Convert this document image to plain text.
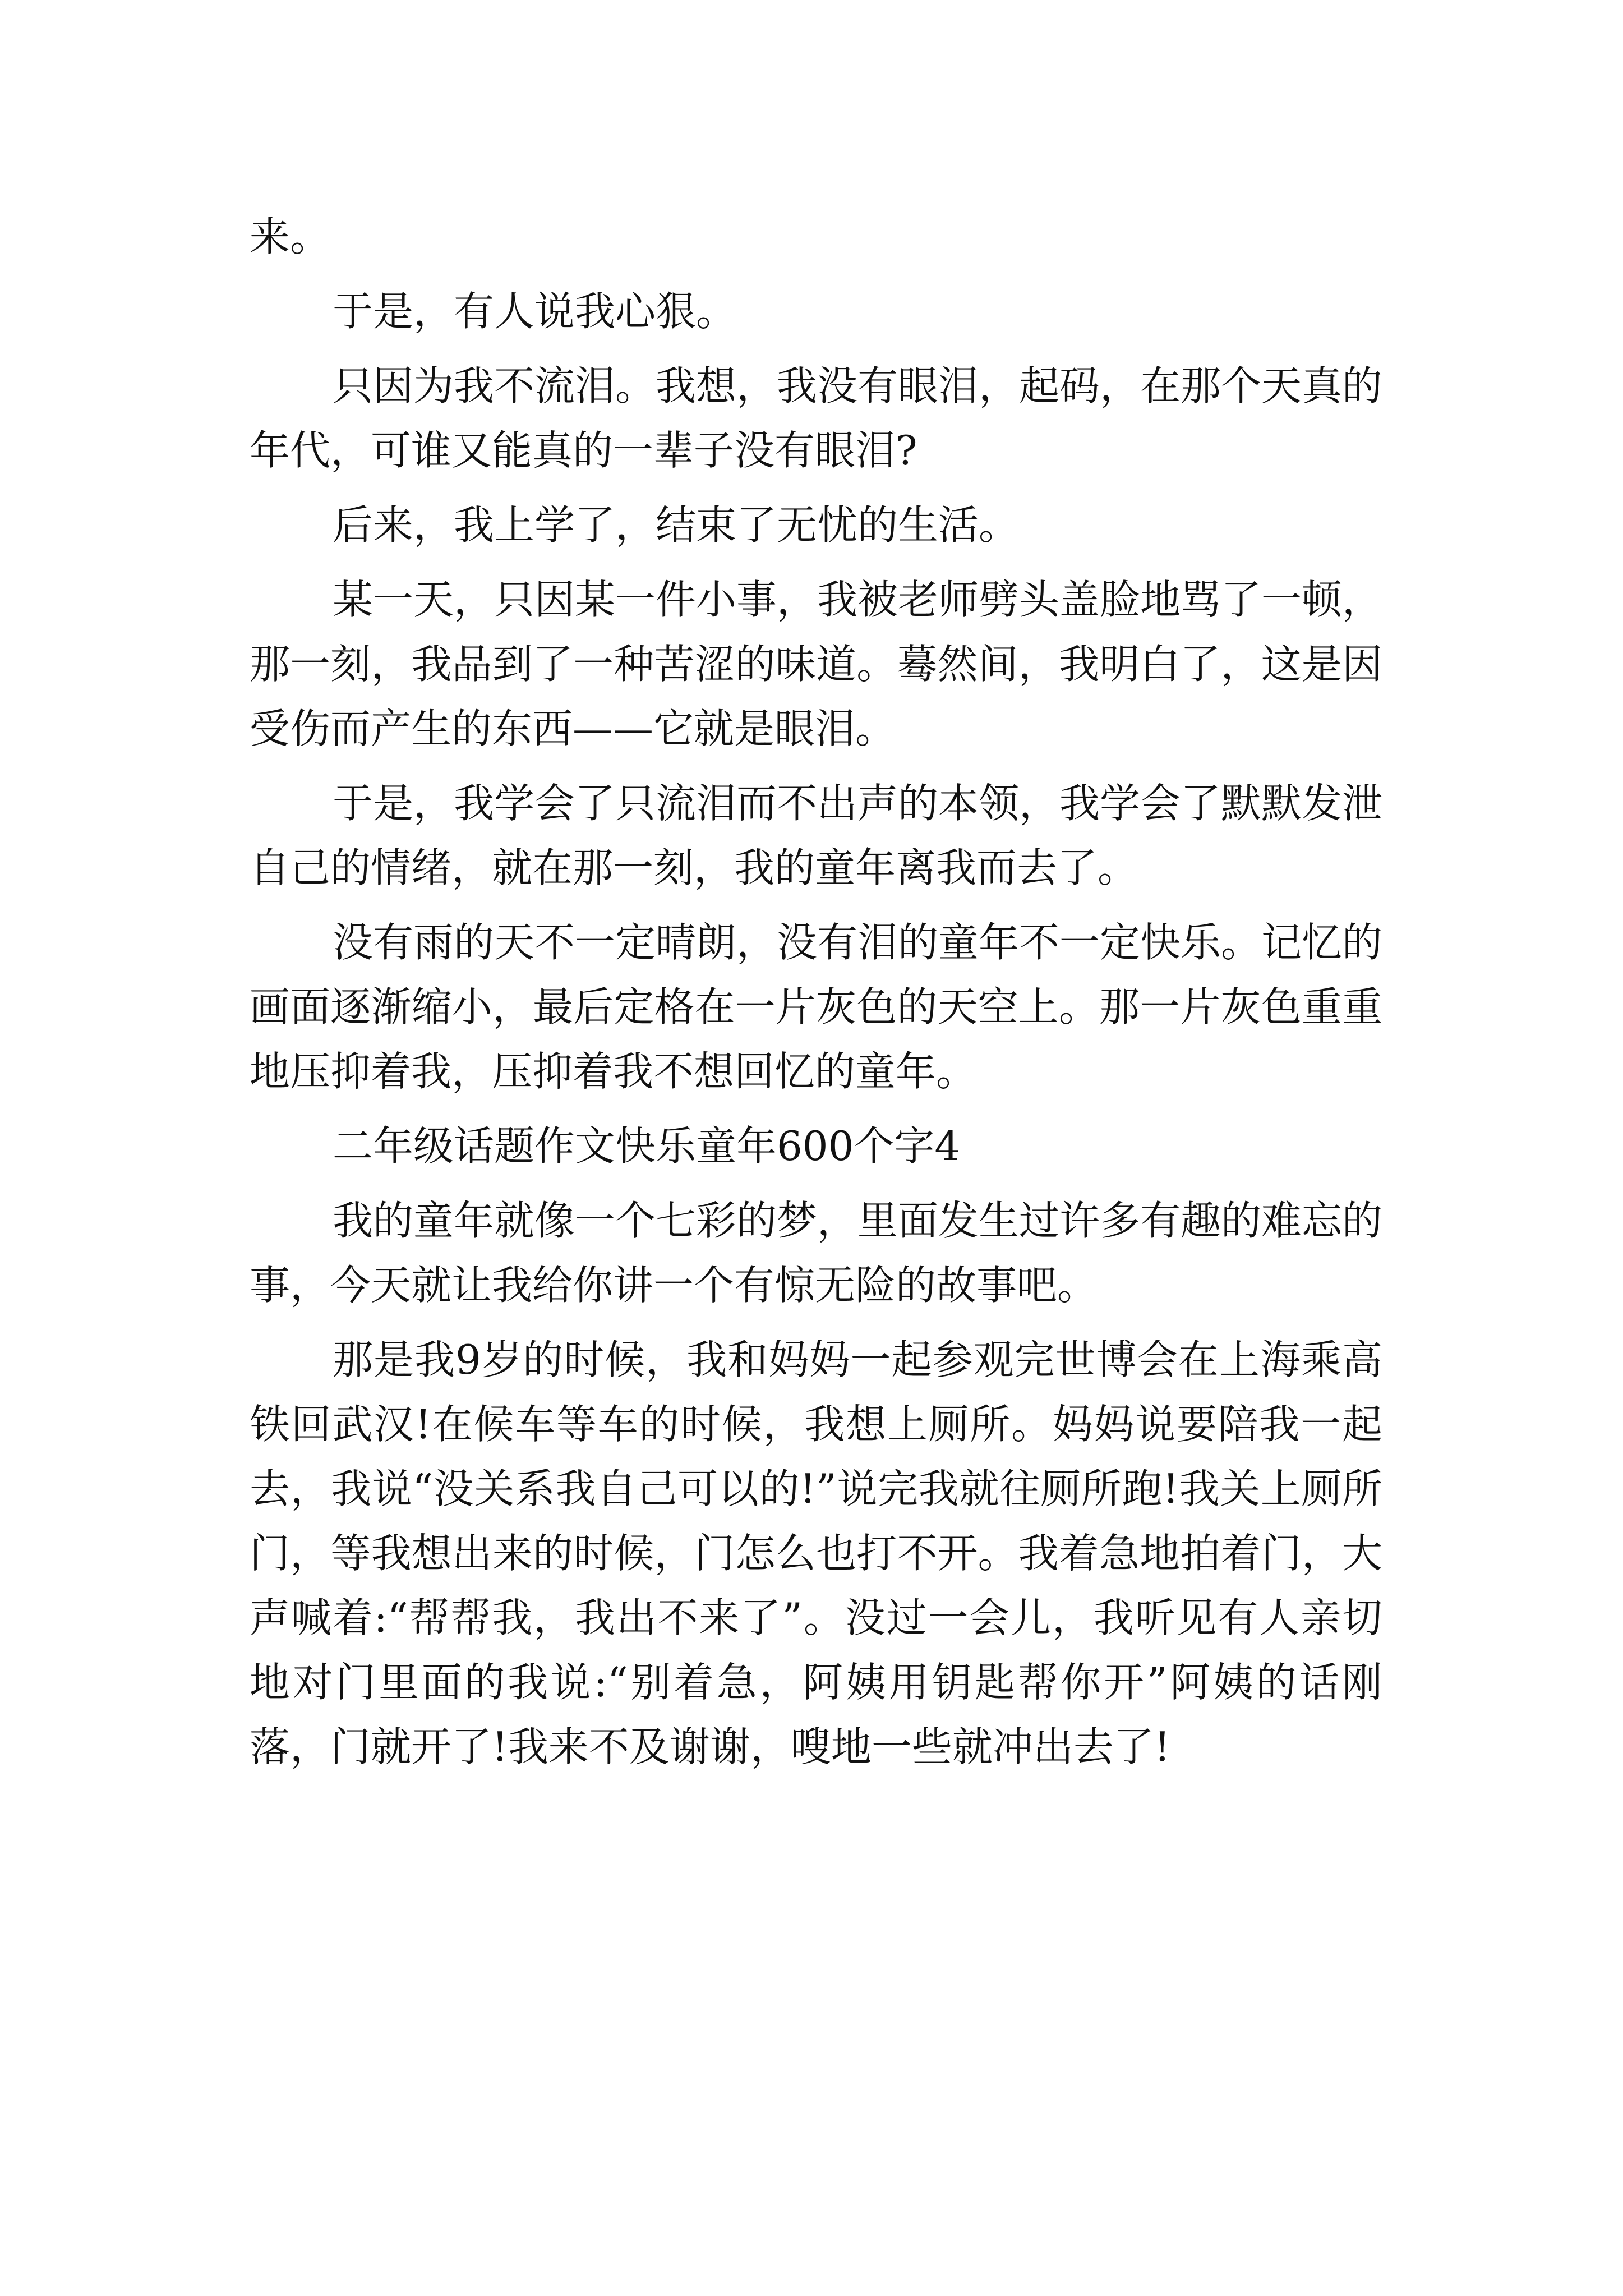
来。

于是，有人说我心狠。

只因为我不流泪。我想，我没有眼泪，起码，在那个天真的年代，可谁又能真的一辈子没有眼泪?

后来，我上学了，结束了无忧的生活。

某一天，只因某一件小事，我被老师劈头盖脸地骂了一顿，那一刻，我品到了一种苦涩的味道。蓦然间，我明白了，这是因受伤而产生的东西——它就是眼泪。

于是，我学会了只流泪而不出声的本领，我学会了默默发泄自己的情绪，就在那一刻，我的童年离我而去了。

没有雨的天不一定晴朗，没有泪的童年不一定快乐。记忆的画面逐渐缩小，最后定格在一片灰色的天空上。那一片灰色重重地压抑着我，压抑着我不想回忆的童年。

二年级话题作文快乐童年600个字4

我的童年就像一个七彩的梦，里面发生过许多有趣的难忘的事，今天就让我给你讲一个有惊无险的故事吧。

那是我9岁的时候，我和妈妈一起参观完世博会在上海乘高铁回武汉!在候车等车的时候，我想上厕所。妈妈说要陪我一起去，我说“没关系我自己可以的!”说完我就往厕所跑!我关上厕所门，等我想出来的时候，门怎么也打不开。我着急地拍着门，大声喊着:“帮帮我，我出不来了”。没过一会儿，我听见有人亲切地对门里面的我说:“别着急，阿姨用钥匙帮你开”阿姨的话刚落，门就开了!我来不及谢谢，嗖地一些就冲出去了!
